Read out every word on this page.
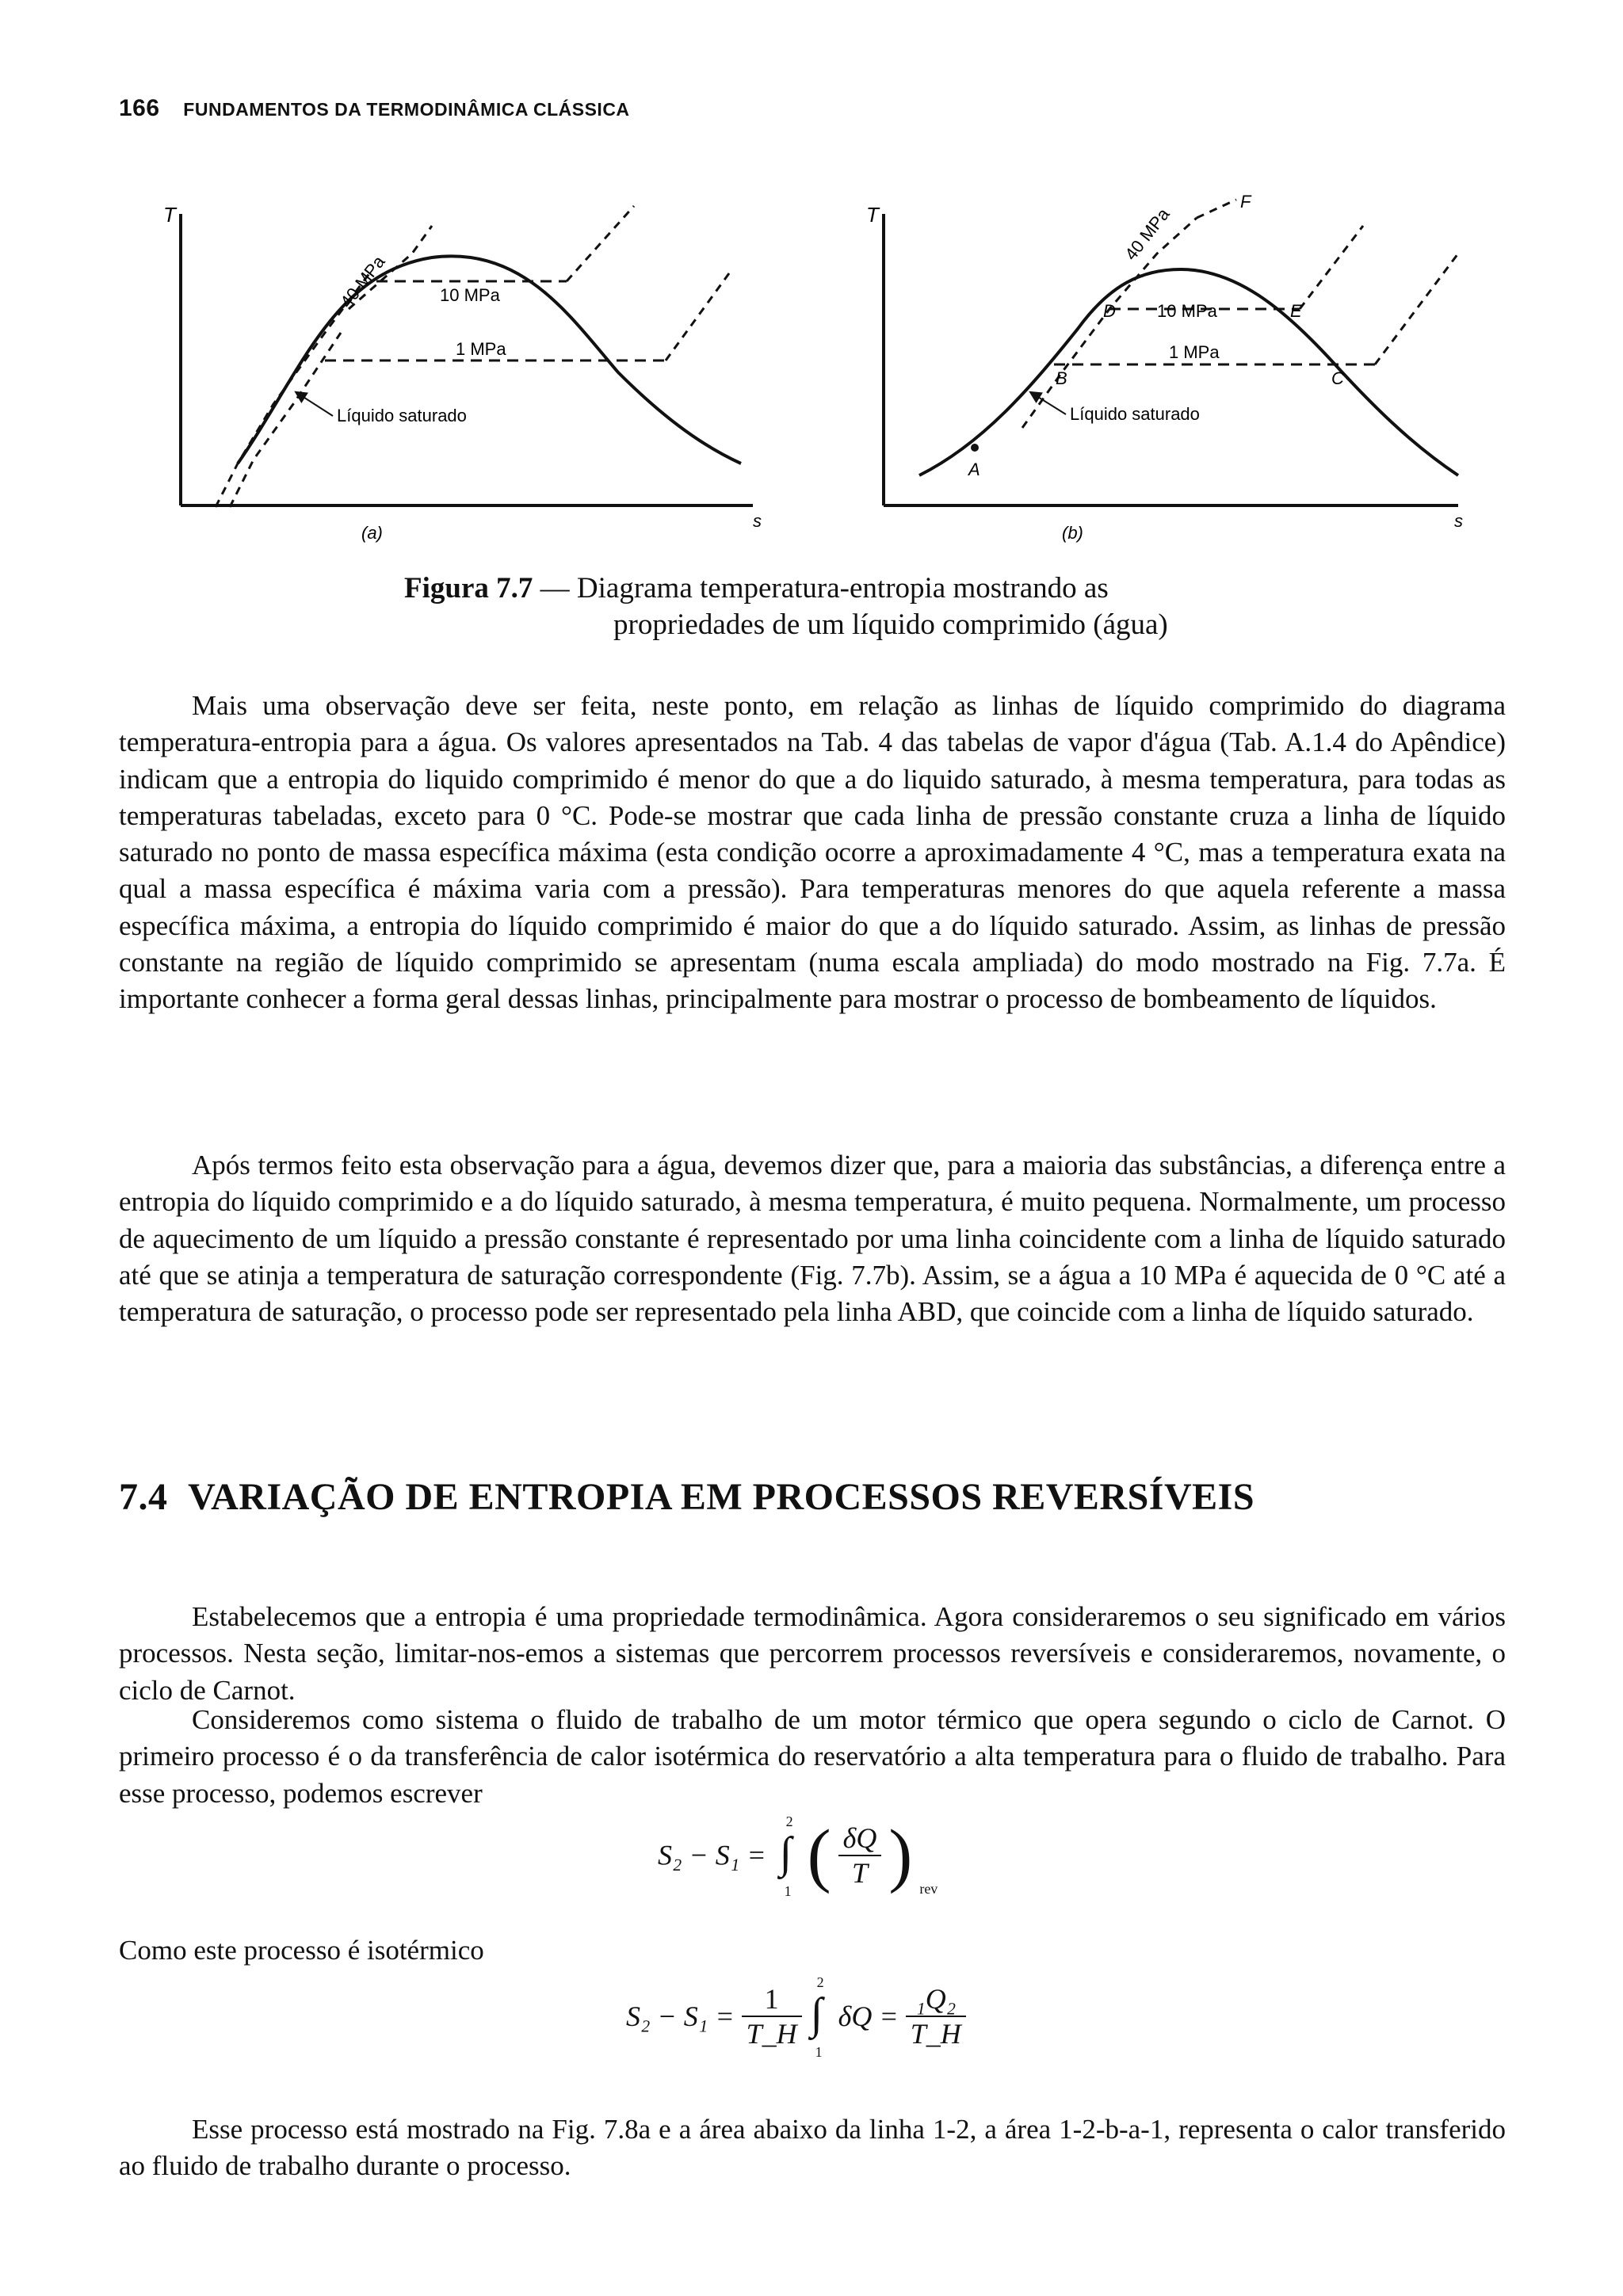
166 FUNDAMENTOS DA TERMODINÂMICA CLÁSSICA
T
s
(a)
40 MPa	10 MPa
1 MPa
Líquido saturado
T
s
(b)
A
B	C
D	E
F
40 MPa
10 MPa
1 MPa
Líquido saturado
Figura 7.7 — Diagrama temperatura-entropia mostrando as
propriedades de um líquido comprimido (água)

Mais uma observação deve ser feita, neste ponto, em relação as linhas de líquido comprimido do diagrama temperatura-entropia para a água. Os valores apresentados na Tab. 4 das tabelas de vapor d'água (Tab. A.1.4 do Apêndice) indicam que a entropia do liquido comprimido é menor do que a do liquido saturado, à mesma temperatura, para todas as temperaturas tabeladas, exceto para 0 °C. Pode-se mostrar que cada linha de pressão constante cruza a linha de líquido saturado no ponto de massa específica máxima (esta condição ocorre a aproximadamente 4 °C, mas a temperatura exata na qual a massa específica é máxima varia com a pressão). Para temperaturas menores do que aquela referente a massa específica máxima, a entropia do líquido comprimido é maior do que a do líquido saturado. Assim, as linhas de pressão constante na região de líquido comprimido se apresentam (numa escala ampliada) do modo mostrado na Fig. 7.7a. É importante conhecer a forma geral dessas linhas, principalmente para mostrar o processo de bombeamento de líquidos.

Após termos feito esta observação para a água, devemos dizer que, para a maioria das substâncias, a diferença entre a entropia do líquido comprimido e a do líquido saturado, à mesma temperatura, é muito pequena. Normalmente, um processo de aquecimento de um líquido a pressão constante é representado por uma linha coincidente com a linha de líquido saturado até que se atinja a temperatura de saturação correspondente (Fig. 7.7b). Assim, se a água a 10 MPa é aquecida de 0 °C até a temperatura de saturação, o processo pode ser representado pela linha ABD, que coincide com a linha de líquido saturado.

7.4 VARIAÇÃO DE ENTROPIA EM PROCESSOS REVERSÍVEIS

Estabelecemos que a entropia é uma propriedade termodinâmica. Agora consideraremos o seu significado em vários processos. Nesta seção, limitar-nos-emos a sistemas que percorrem processos reversíveis e consideraremos, novamente, o ciclo de Carnot.

Consideremos como sistema o fluido de trabalho de um motor térmico que opera segundo o ciclo de Carnot. O primeiro processo é o da transferência de calor isotérmica do reservatório a alta temperatura para o fluido de trabalho. Para esse processo, podemos escrever

S₂ − S₁ =
2
∫
1 ( $\frac{\delta Q}{T}$ ) $_{rev}$
Como este processo é isotérmico
$S_2 - S_1 = \frac{1}{T\_H}$
2
∫
1
$\delta Q = \frac{\text{₁Q₂}}{T\_H}$

Esse processo está mostrado na Fig. 7.8a e a área abaixo da linha 1-2, a área 1-2-b-a-1, representa o calor transferido ao fluido de trabalho durante o processo.
